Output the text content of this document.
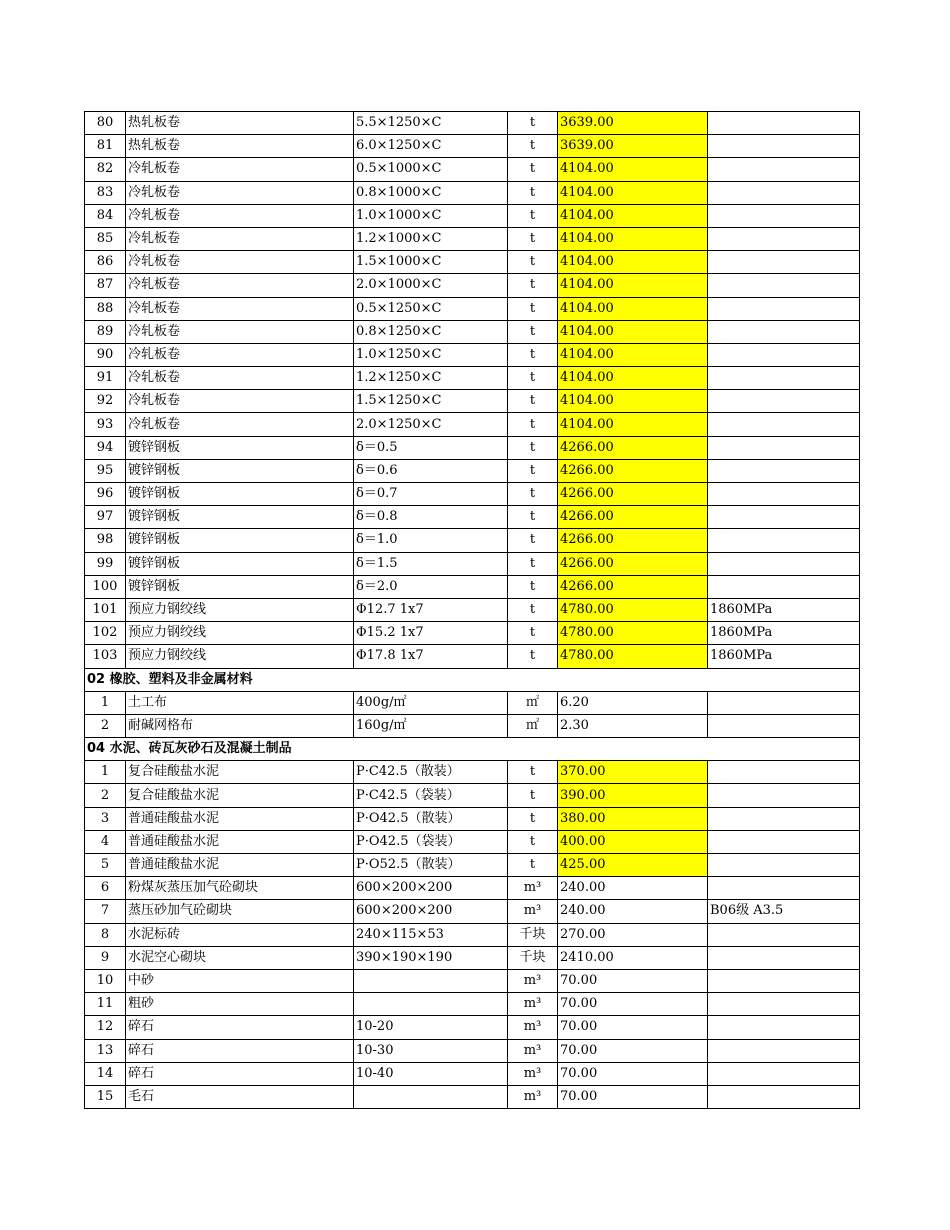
80	热轧板卷	5.5×1250×C	t	3639.00	
81	热轧板卷	6.0×1250×C	t	3639.00	
82	冷轧板卷	0.5×1000×C	t	4104.00	
83	冷轧板卷	0.8×1000×C	t	4104.00	
84	冷轧板卷	1.0×1000×C	t	4104.00	
85	冷轧板卷	1.2×1000×C	t	4104.00	
86	冷轧板卷	1.5×1000×C	t	4104.00	
87	冷轧板卷	2.0×1000×C	t	4104.00	
88	冷轧板卷	0.5×1250×C	t	4104.00	
89	冷轧板卷	0.8×1250×C	t	4104.00	
90	冷轧板卷	1.0×1250×C	t	4104.00	
91	冷轧板卷	1.2×1250×C	t	4104.00	
92	冷轧板卷	1.5×1250×C	t	4104.00	
93	冷轧板卷	2.0×1250×C	t	4104.00	
94	镀锌钢板	δ＝0.5	t	4266.00	
95	镀锌钢板	δ＝0.6	t	4266.00	
96	镀锌钢板	δ＝0.7	t	4266.00	
97	镀锌钢板	δ＝0.8	t	4266.00	
98	镀锌钢板	δ＝1.0	t	4266.00	
99	镀锌钢板	δ＝1.5	t	4266.00	
100	镀锌钢板	δ＝2.0	t	4266.00	
101	预应力钢绞线	Φ12.7 1x7	t	4780.00	1860MPa
102	预应力钢绞线	Φ15.2 1x7	t	4780.00	1860MPa
103	预应力钢绞线	Φ17.8 1x7	t	4780.00	1860MPa
02 橡胶、塑料及非金属材料					
1	土工布	400g/㎡	㎡	6.20	
2	耐碱网格布	160g/㎡	㎡	2.30	
04 水泥、砖瓦灰砂石及混凝土制品					
1	复合硅酸盐水泥	P·C42.5（散装）	t	370.00	
2	复合硅酸盐水泥	P·C42.5（袋装）	t	390.00	
3	普通硅酸盐水泥	P·O42.5（散装）	t	380.00	
4	普通硅酸盐水泥	P·O42.5（袋装）	t	400.00	
5	普通硅酸盐水泥	P·O52.5（散装）	t	425.00	
6	粉煤灰蒸压加气砼砌块	600×200×200	m³	240.00	
7	蒸压砂加气砼砌块	600×200×200	m³	240.00	B06级 A3.5
8	水泥标砖	240×115×53	千块	270.00	
9	水泥空心砌块	390×190×190	千块	2410.00	
10	中砂		m³	70.00	
11	粗砂		m³	70.00	
12	碎石	10-20	m³	70.00	
13	碎石	10-30	m³	70.00	
14	碎石	10-40	m³	70.00	
15	毛石		m³	70.00	
